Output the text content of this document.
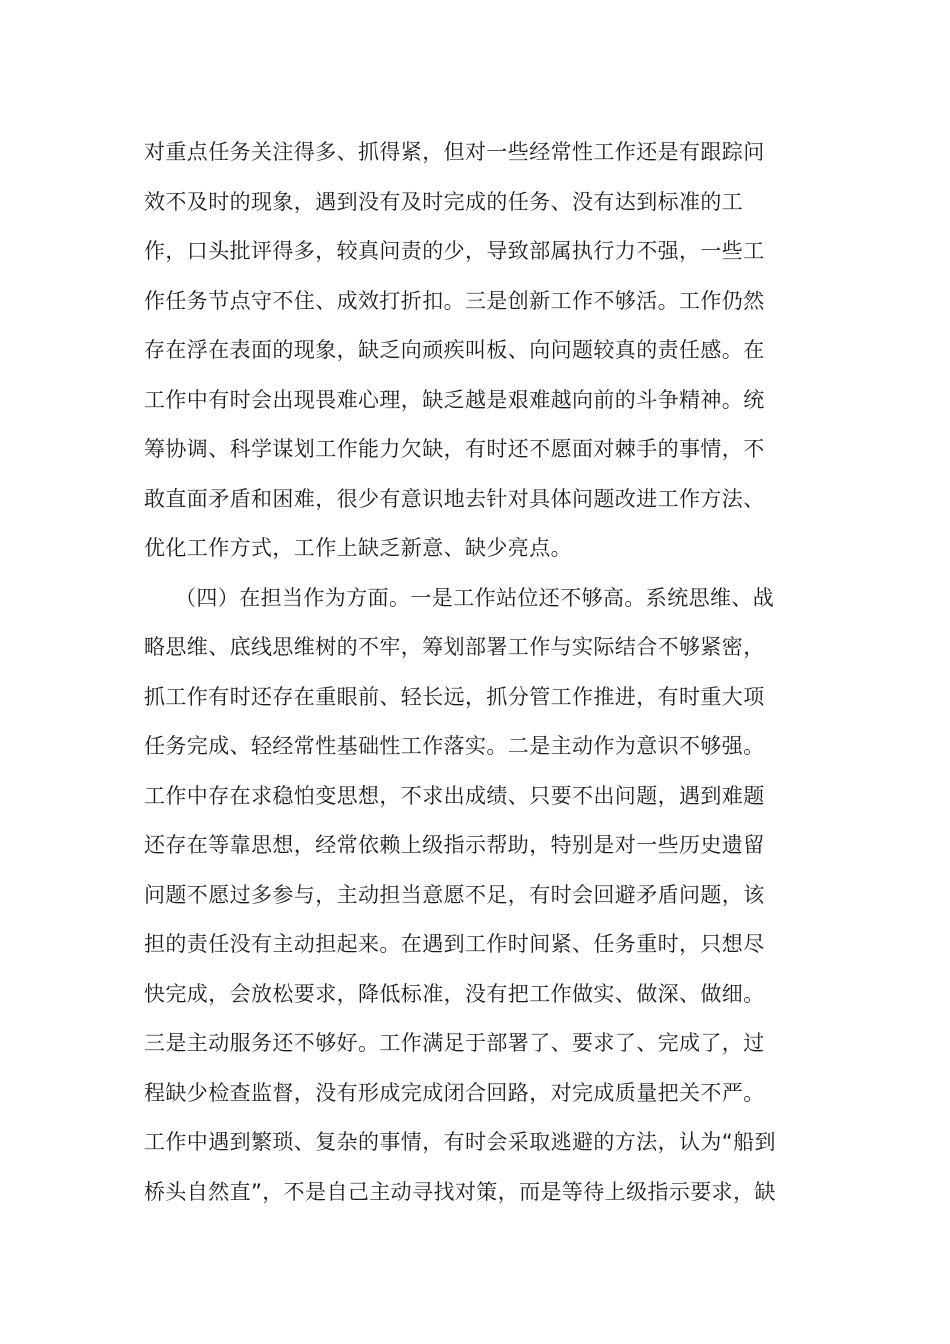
对重点任务关注得多、抓得紧，但对一些经常性工作还是有跟踪问
效不及时的现象，遇到没有及时完成的任务、没有达到标准的工
作，口头批评得多，较真问责的少，导致部属执行力不强，一些工
作任务节点守不住、成效打折扣。三是创新工作不够活。工作仍然
存在浮在表面的现象，缺乏向顽疾叫板、向问题较真的责任感。在
工作中有时会出现畏难心理，缺乏越是艰难越向前的斗争精神。统
筹协调、科学谋划工作能力欠缺，有时还不愿面对棘手的事情，不
敢直面矛盾和困难，很少有意识地去针对具体问题改进工作方法、
优化工作方式，工作上缺乏新意、缺少亮点。
（四）在担当作为方面。一是工作站位还不够高。系统思维、战
略思维、底线思维树的不牢，筹划部署工作与实际结合不够紧密，
抓工作有时还存在重眼前、轻长远，抓分管工作推进，有时重大项
任务完成、轻经常性基础性工作落实。二是主动作为意识不够强。
工作中存在求稳怕变思想，不求出成绩、只要不出问题，遇到难题
还存在等靠思想，经常依赖上级指示帮助，特别是对一些历史遗留
问题不愿过多参与，主动担当意愿不足，有时会回避矛盾问题，该
担的责任没有主动担起来。在遇到工作时间紧、任务重时，只想尽
快完成，会放松要求，降低标准，没有把工作做实、做深、做细。
三是主动服务还不够好。工作满足于部署了、要求了、完成了，过
程缺少检查监督，没有形成完成闭合回路，对完成质量把关不严。
工作中遇到繁琐、复杂的事情，有时会采取逃避的方法，认为“船到
桥头自然直”，不是自己主动寻找对策，而是等待上级指示要求，缺
